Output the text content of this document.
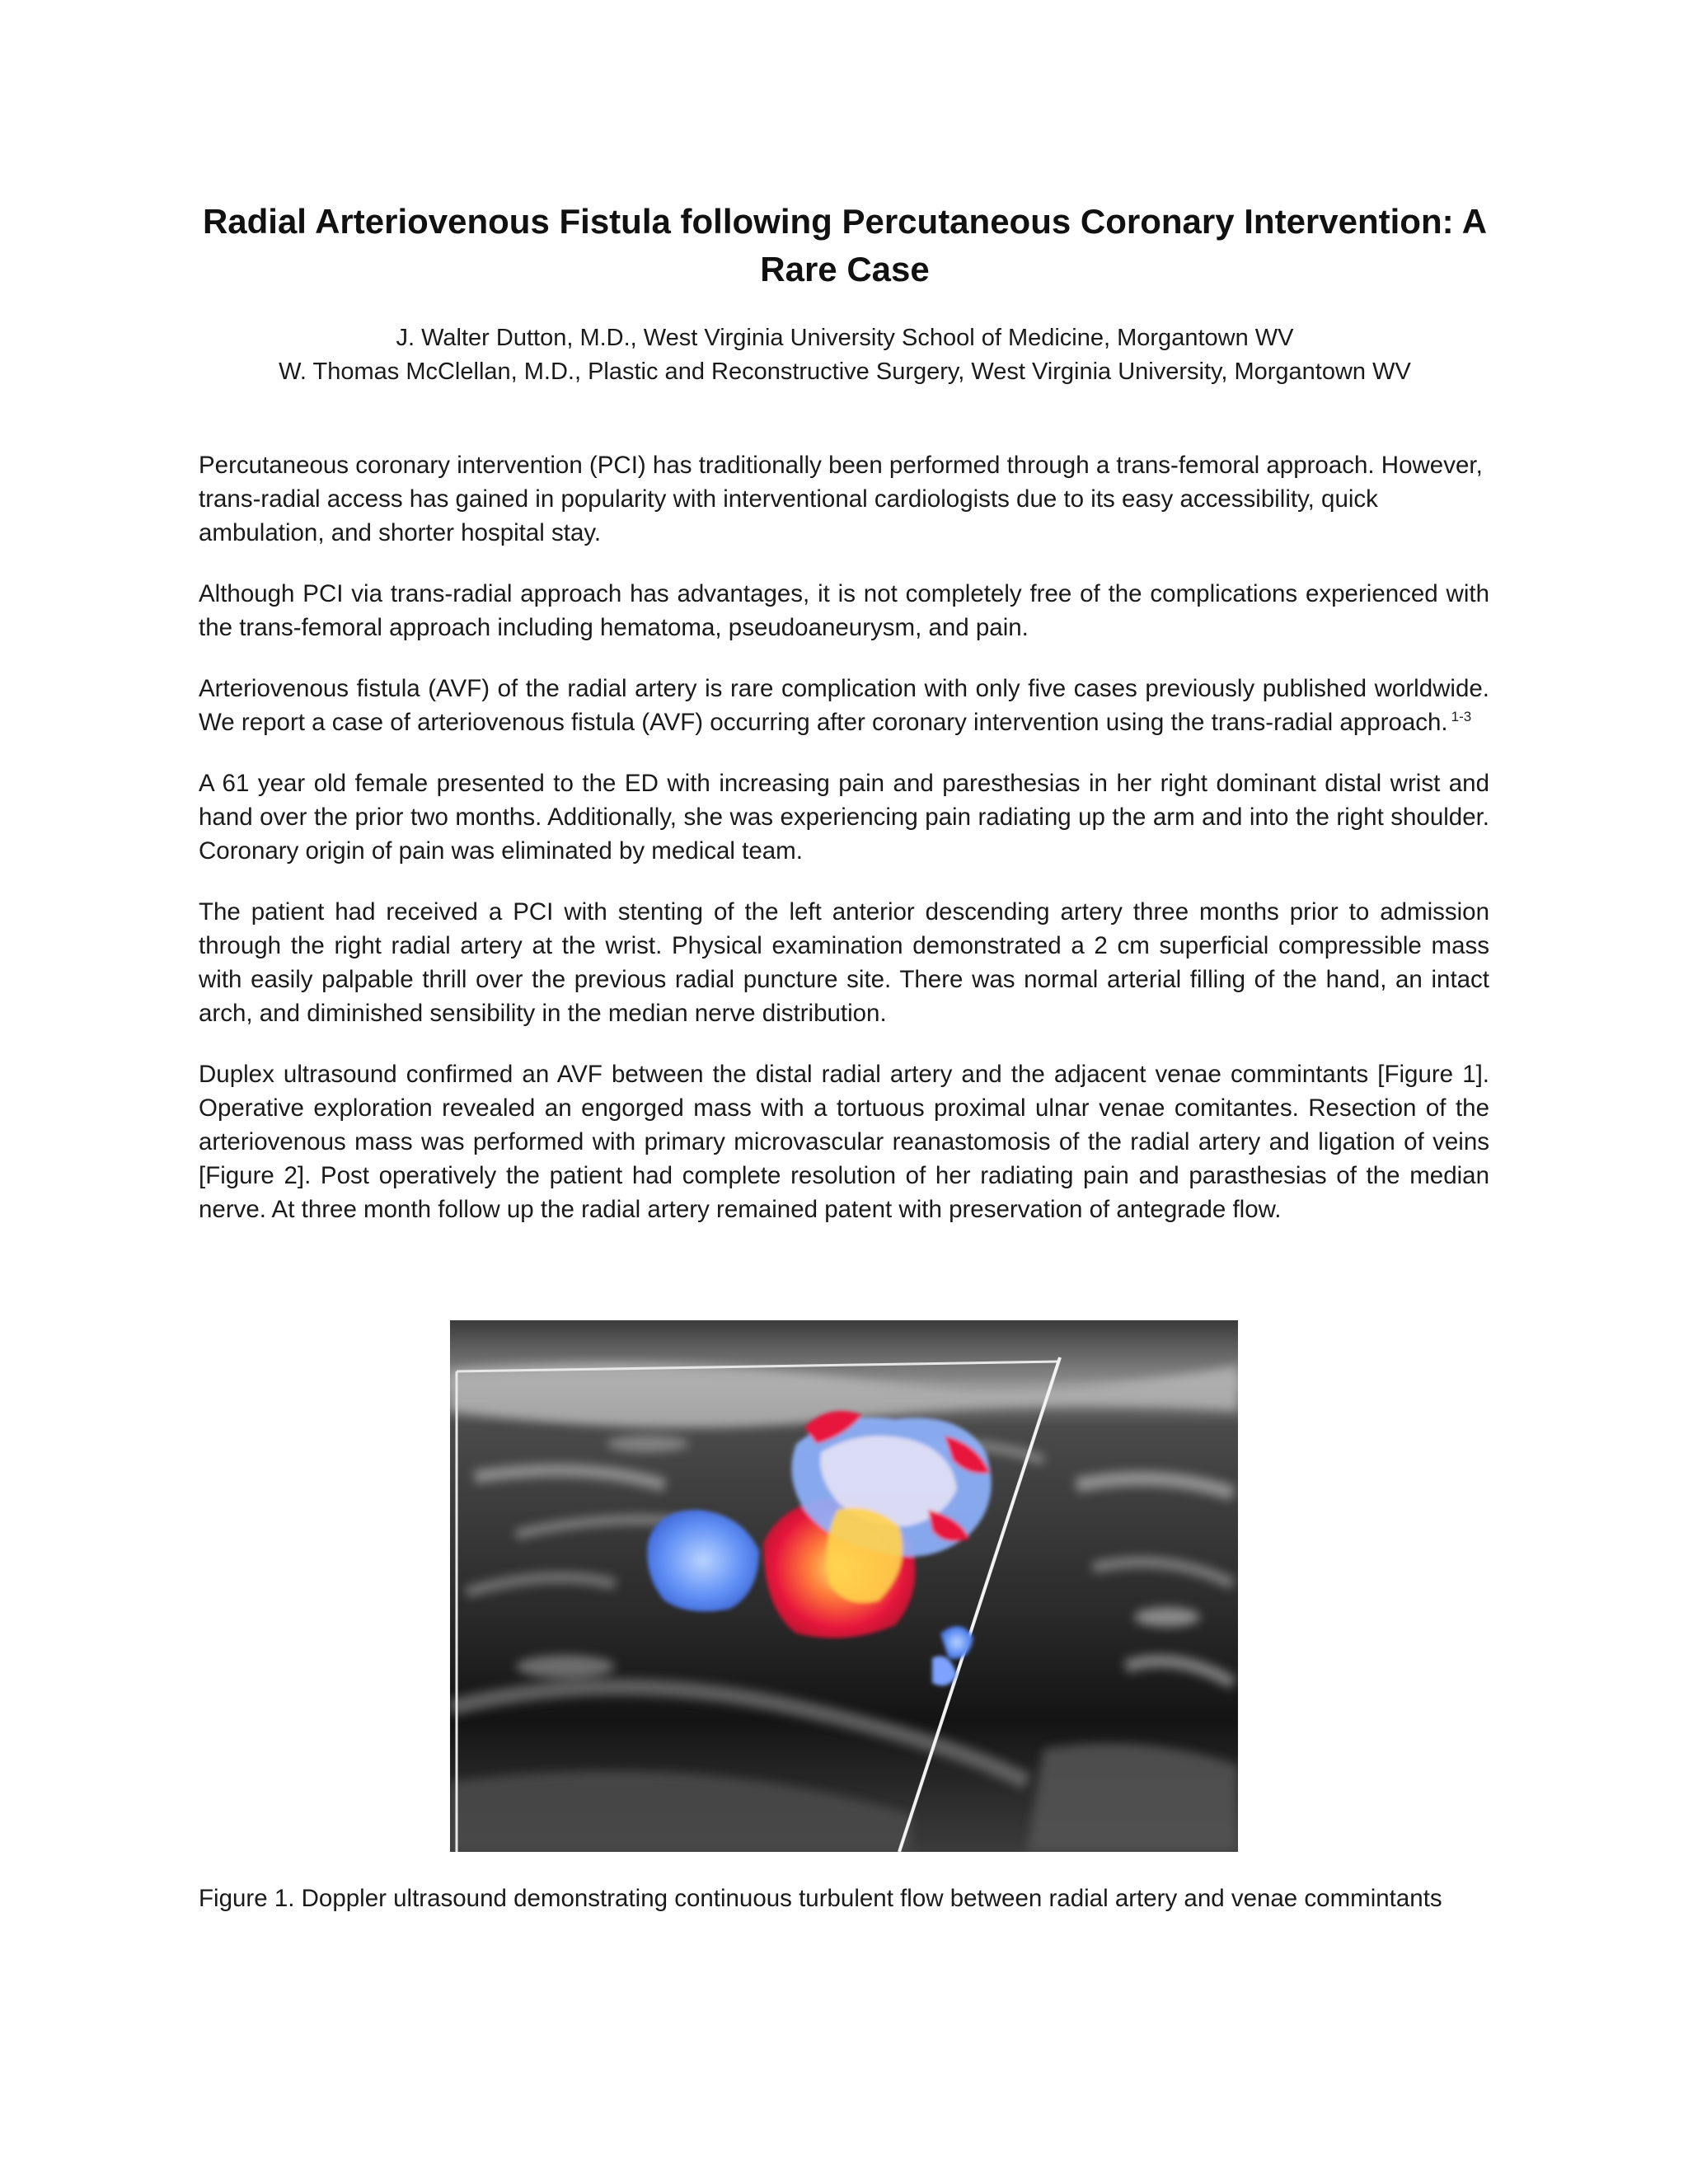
Radial Arteriovenous Fistula following Percutaneous Coronary Intervention: A Rare Case
J. Walter Dutton, M.D., West Virginia University School of Medicine, Morgantown WV
W. Thomas McClellan, M.D., Plastic and Reconstructive Surgery, West Virginia University, Morgantown WV

Percutaneous coronary intervention (PCI) has traditionally been performed through a trans-femoral approach. However, trans-radial access has gained in popularity with interventional cardiologists due to its easy accessibility, quick ambulation, and shorter hospital stay.

Although PCI via trans-radial approach has advantages, it is not completely free of the complications experienced with the trans-femoral approach including hematoma, pseudoaneurysm, and pain.

Arteriovenous fistula (AVF) of the radial artery is rare complication with only five cases previously published worldwide. We report a case of arteriovenous fistula (AVF) occurring after coronary intervention using the trans-radial approach. $^{1-3}$

A 61 year old female presented to the ED with increasing pain and paresthesias in her right dominant distal wrist and hand over the prior two months. Additionally, she was experiencing pain radiating up the arm and into the right shoulder. Coronary origin of pain was eliminated by medical team.

The patient had received a PCI with stenting of the left anterior descending artery three months prior to admission through the right radial artery at the wrist. Physical examination demonstrated a 2 cm superficial compressible mass with easily palpable thrill over the previous radial puncture site. There was normal arterial filling of the hand, an intact arch, and diminished sensibility in the median nerve distribution.

Duplex ultrasound confirmed an AVF between the distal radial artery and the adjacent venae commintants [Figure 1]. Operative exploration revealed an engorged mass with a tortuous proximal ulnar venae comitantes. Resection of the arteriovenous mass was performed with primary microvascular reanastomosis of the radial artery and ligation of veins [Figure 2]. Post operatively the patient had complete resolution of her radiating pain and parasthesias of the median nerve. At three month follow up the radial artery remained patent with preservation of antegrade flow.

Figure 1. Doppler ultrasound demonstrating continuous turbulent flow between radial artery and venae commintants
